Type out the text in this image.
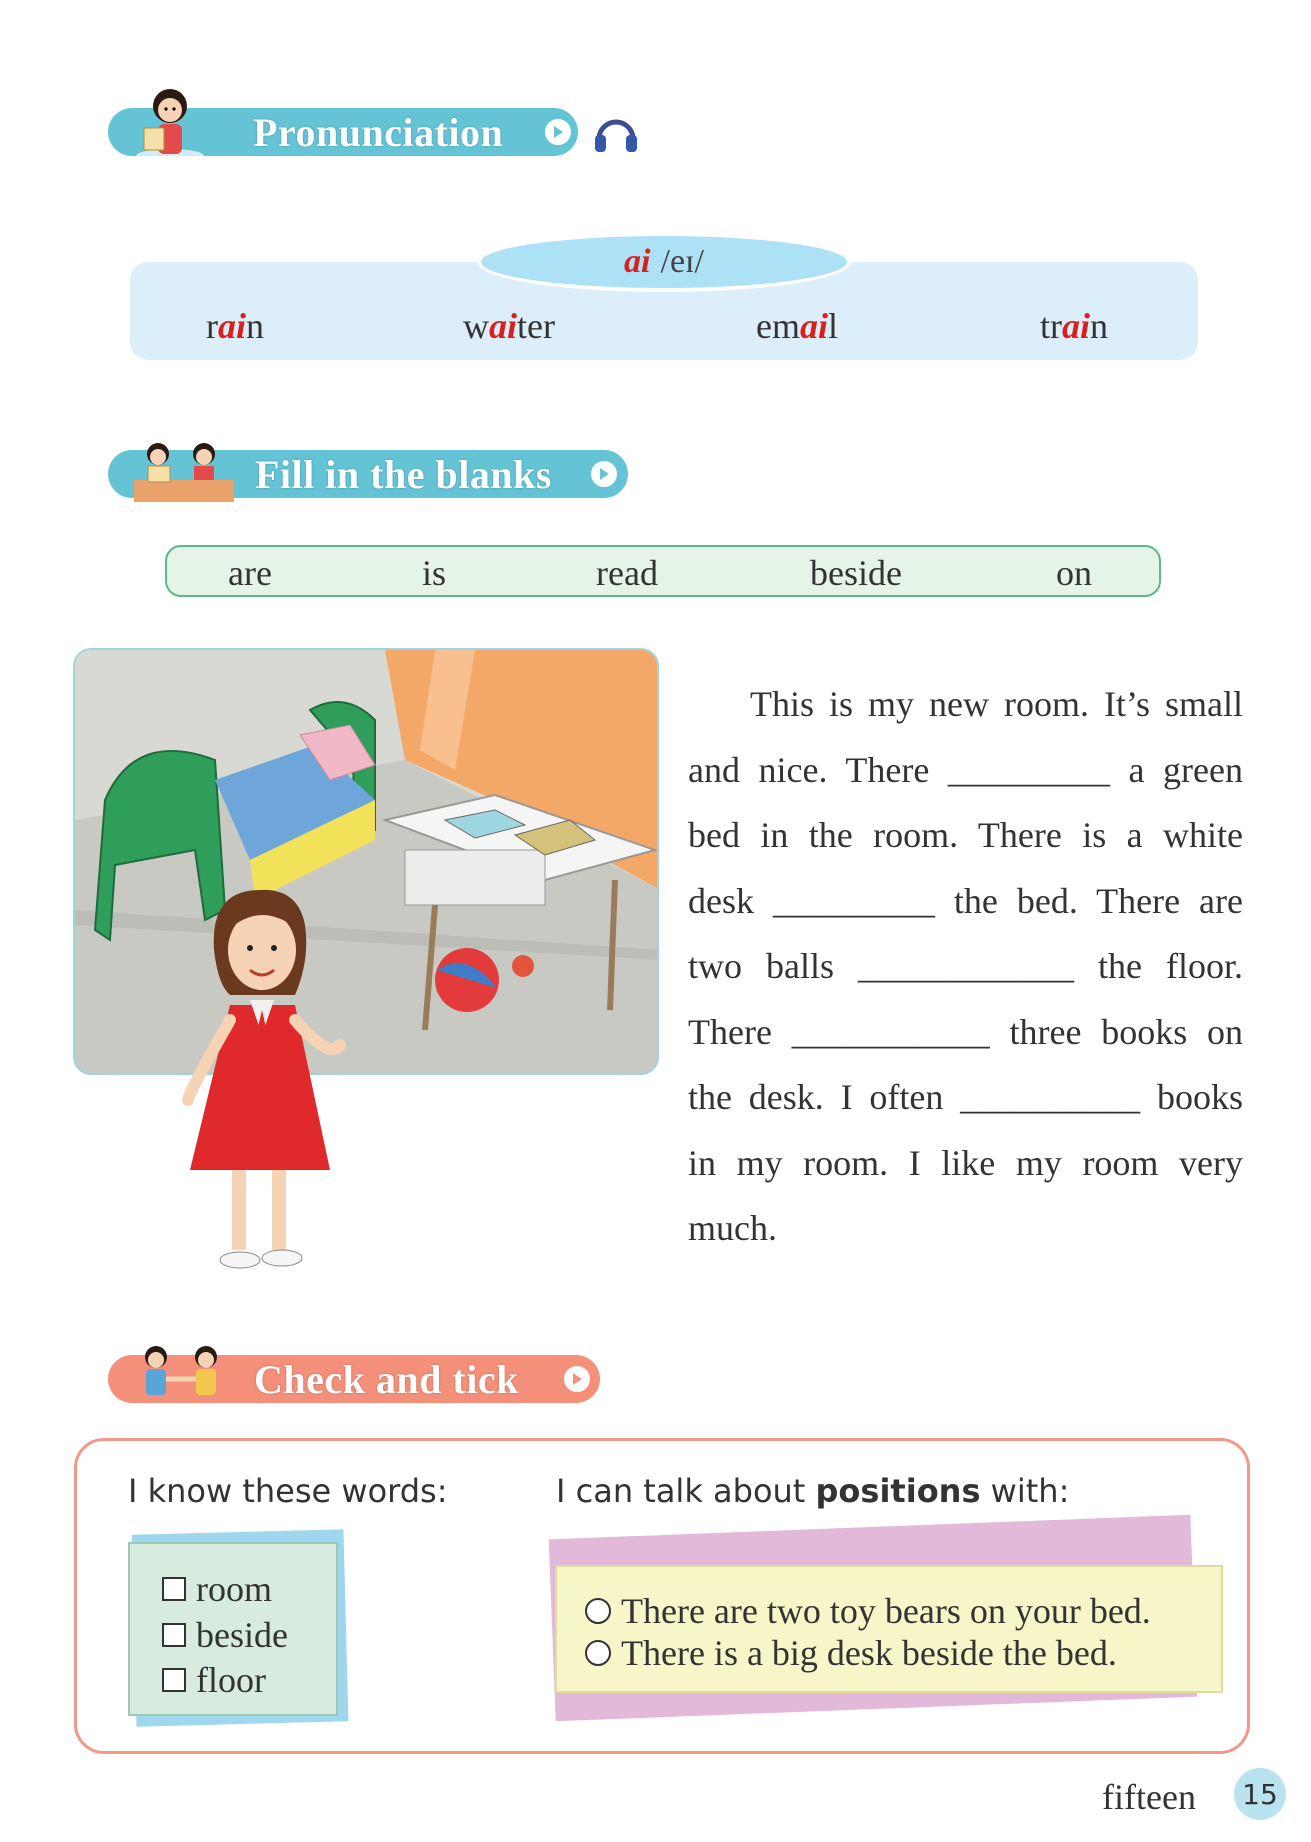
Pronunciation
ai /eɪ/
rain	waiter	email	train
Fill in the blanks
are	is	read	beside	on
This is my new room. It’s small
and nice. There _________ a green
bed in the room. There is a white
desk _________ the bed. There are
two balls ____________ the floor.
There ___________ three books on
the desk. I often __________ books
in my room. I like my room very
much.
Check and tick
I know these words:	I can talk about positions with:
room
beside
floor
There are two toy bears on your bed.
There is a big desk beside the bed.
fifteen 15
